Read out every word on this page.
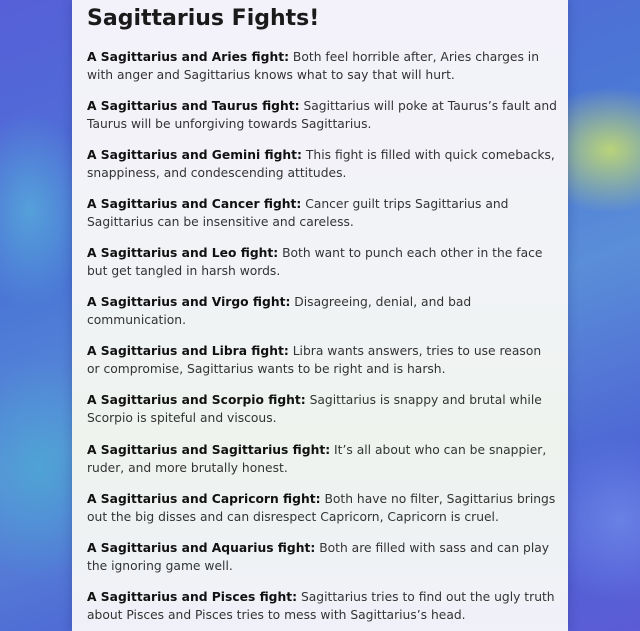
Sagittarius Fights!

A Sagittarius and Aries fight: Both feel horrible after, Aries charges in with anger and Sagittarius knows what to say that will hurt.

A Sagittarius and Taurus fight: Sagittarius will poke at Taurus’s fault and Taurus will be unforgiving towards Sagittarius.

A Sagittarius and Gemini fight: This fight is filled with quick comebacks, snappiness, and condescending attitudes.

A Sagittarius and Cancer fight: Cancer guilt trips Sagittarius and Sagittarius can be insensitive and careless.

A Sagittarius and Leo fight: Both want to punch each other in the face but get tangled in harsh words.

A Sagittarius and Virgo fight: Disagreeing, denial, and bad communication.

A Sagittarius and Libra fight: Libra wants answers, tries to use reason or compromise, Sagittarius wants to be right and is harsh.

A Sagittarius and Scorpio fight: Sagittarius is snappy and brutal while Scorpio is spiteful and viscous.

A Sagittarius and Sagittarius fight: It’s all about who can be snappier, ruder, and more brutally honest.

A Sagittarius and Capricorn fight: Both have no filter, Sagittarius brings out the big disses and can disrespect Capricorn, Capricorn is cruel.

A Sagittarius and Aquarius fight: Both are filled with sass and can play the ignoring game well.

A Sagittarius and Pisces fight: Sagittarius tries to find out the ugly truth about Pisces and Pisces tries to mess with Sagittarius’s head.
